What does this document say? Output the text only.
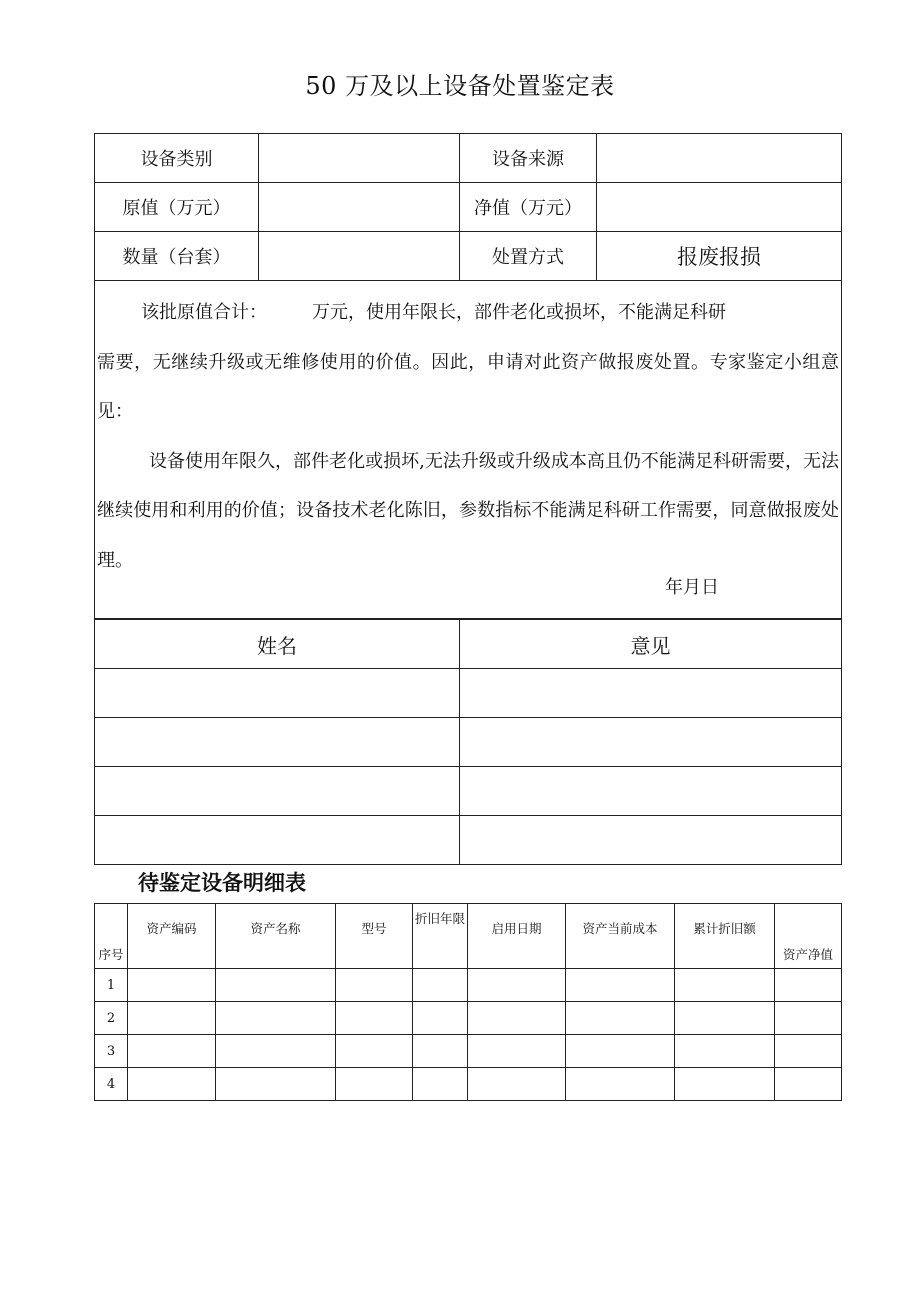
50 万及以上设备处置鉴定表
设备类别		设备来源	
原值（万元）		净值（万元）	
数量（台套）		处置方式	报废报损

该批原值合计：　　　万元，使用年限长，部件老化或损坏，不能满足科研

需要，无继续升级或无维修使用的价值。因此，申请对此资产做报废处置。专家鉴定小组意见：

设备使用年限久，部件老化或损坏,无法升级或升级成本高且仍不能满足科研需要，无法继续使用和利用的价值；设备技术老化陈旧，参数指标不能满足科研工作需要，同意做报废处理。

年月日			
姓名	意见

待鉴定设备明细表
序号	资产编码	资产名称	型号	折旧年限	启用日期	资产当前成本	累计折旧额	资产净值
1								
2								
3								
4								
